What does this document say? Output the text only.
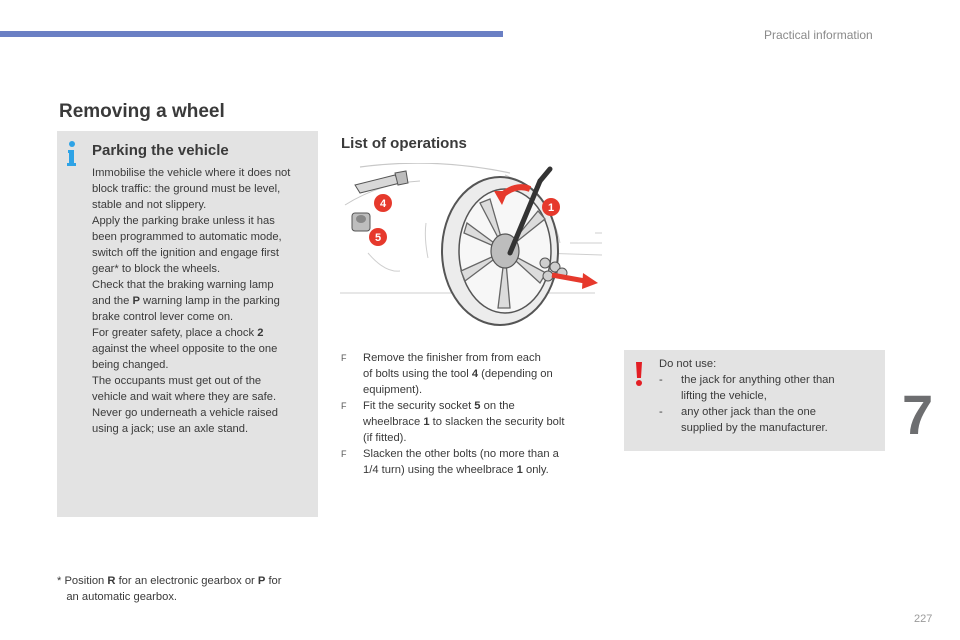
Practical information
Removing a wheel
Parking the vehicle
Immobilise the vehicle where it does not
block traffic: the ground must be level,
stable and not slippery.
Apply the parking brake unless it has
been programmed to automatic mode,
switch off the ignition and engage first
gear* to block the wheels.
Check that the braking warning lamp
and the P warning lamp in the parking
brake control lever come on.
For greater safety, place a chock 2
against the wheel opposite to the one
being changed.
The occupants must get out of the
vehicle and wait where they are safe.
Never go underneath a vehicle raised
using a jack; use an axle stand.
List of operations
1
4
5
F Remove the finisher from from each
of bolts using the tool 4 (depending on
equipment).
F Fit the security socket 5 on the
wheelbrace 1 to slacken the security bolt
(if fitted).
F Slacken the other bolts (no more than a
1/4 turn) using the wheelbrace 1 only.
Do not use:
- the jack for anything other than
lifting the vehicle,
- any other jack than the one
supplied by the manufacturer.	7
* Position R for an electronic gearbox or P for
an automatic gearbox.
227
